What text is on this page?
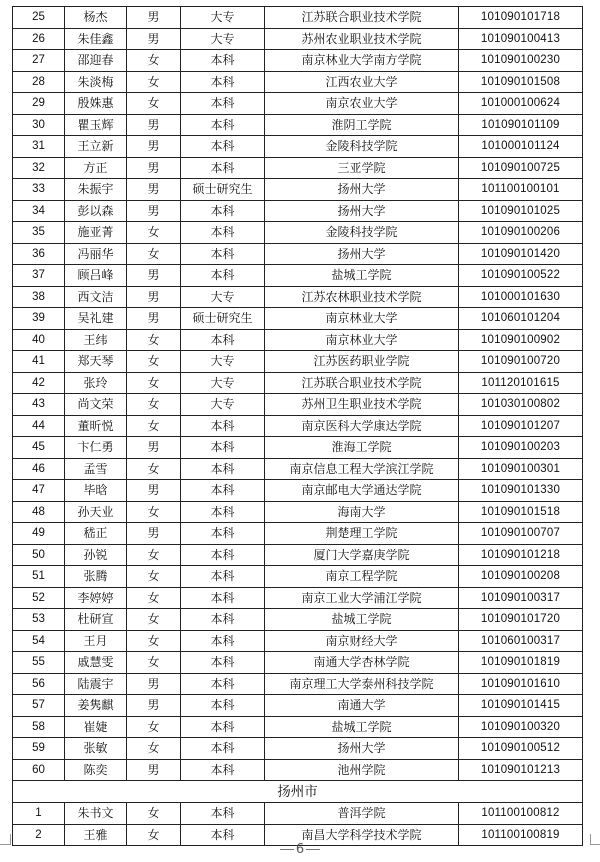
25	杨杰	男	大专	江苏联合职业技术学院	101090101718
26	朱佳鑫	男	大专	苏州农业职业技术学院	101090100413
27	邵迎春	女	本科	南京林业大学南方学院	101090100230
28	朱淡梅	女	本科	江西农业大学	101090101508
29	殷姝惠	女	本科	南京农业大学	101000100624
30	瞿玉辉	男	本科	淮阴工学院	101090101109
31	王立新	男	本科	金陵科技学院	101000101124
32	方正	男	本科	三亚学院	101090100725
33	朱振宇	男	硕士研究生	扬州大学	101100100101
34	彭以森	男	本科	扬州大学	101090101025
35	施亚菁	女	本科	金陵科技学院	101090100206
36	冯丽华	女	本科	扬州大学	101090101420
37	顾吕峰	男	本科	盐城工学院	101090100522
38	西文洁	男	大专	江苏农林职业技术学院	101000101630
39	吴礼建	男	硕士研究生	南京林业大学	101060101204
40	王纬	女	本科	南京林业大学	101090100902
41	郑天琴	女	大专	江苏医药职业学院	101090100720
42	张玲	女	大专	江苏联合职业技术学院	101120101615
43	尚文荣	女	大专	苏州卫生职业技术学院	101030100802
44	董昕悦	女	本科	南京医科大学康达学院	101090101207
45	卞仁勇	男	本科	淮海工学院	101090100203
46	孟雪	女	本科	南京信息工程大学滨江学院	101090100301
47	毕晗	男	本科	南京邮电大学通达学院	101090101330
48	孙天业	女	本科	海南大学	101090101518
49	嵇正	男	本科	荆楚理工学院	101090100707
50	孙锐	女	本科	厦门大学嘉庚学院	101090101218
51	张腾	女	本科	南京工程学院	101090100208
52	李婷婷	女	本科	南京工业大学浦江学院	101090100317
53	杜研宣	女	本科	盐城工学院	101090101720
54	王月	女	本科	南京财经大学	101060100317
55	戚慧雯	女	本科	南通大学杏林学院	101090101819
56	陆震宇	男	本科	南京理工大学泰州科技学院	101090101610
57	姜隽麒	男	本科	南通大学	101090101415
58	崔婕	女	本科	盐城工学院	101090100320
59	张敏	女	本科	扬州大学	101090100512
60	陈奕	男	本科	池州学院	101090101213
扬州市					
1	朱书文	女	本科	普洱学院	101100100812
2	王雅	女	本科	南昌大学科学技术学院	101100100819
6
